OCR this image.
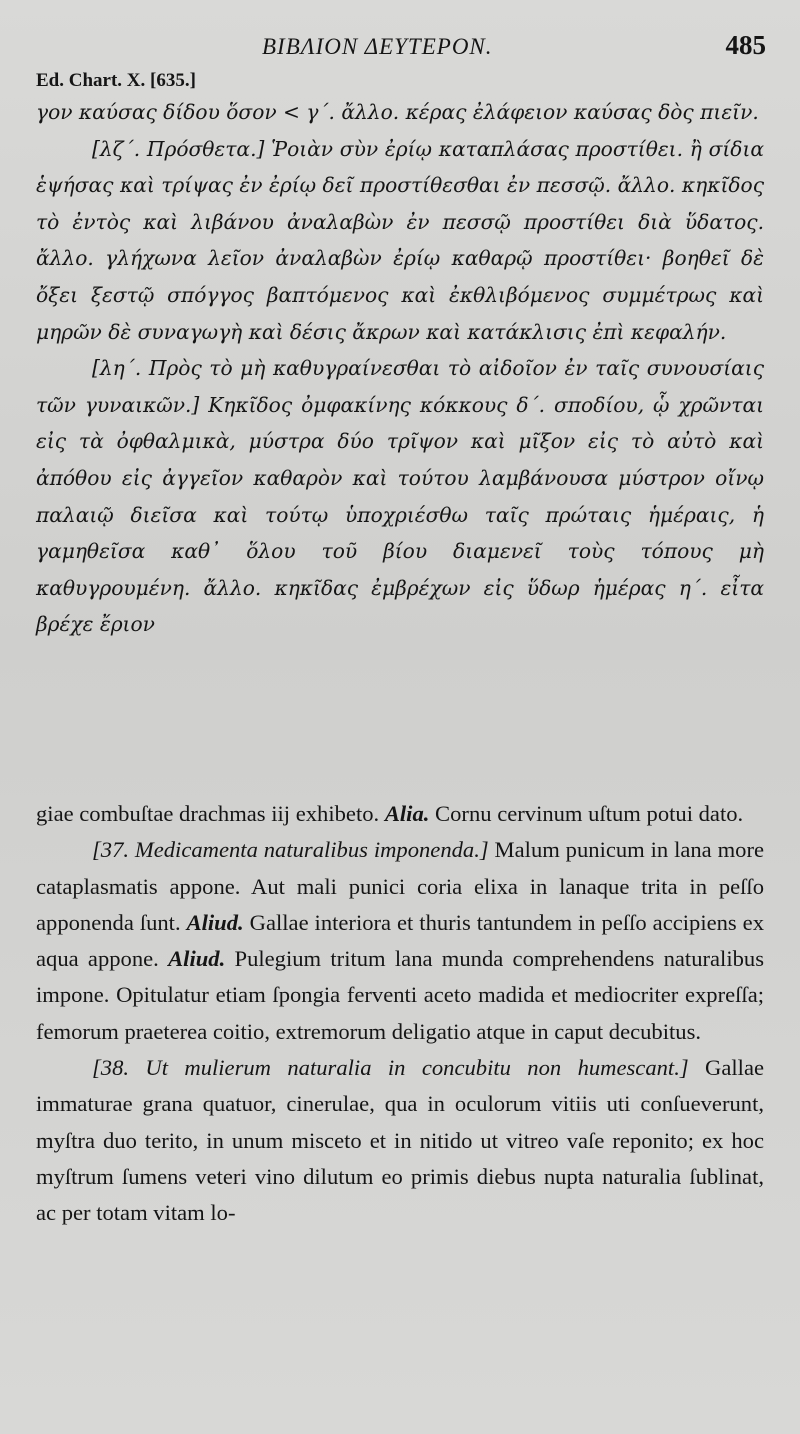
ΒΙΒΛΙΟΝ ΔΕΥΤΕΡΟΝ.	485
Ed. Chart. X. [635.]

γον καύσας δίδου ὅσον < γ΄. ἄλλο. κέρας ἐλάφειον καύσας δὸς πιεῖν.

[λζ΄. Πρόσθετα.] Ῥοιὰν σὺν ἐρίῳ καταπλάσας προστίθει. ἢ σίδια ἑψήσας καὶ τρίψας ἐν ἐρίῳ δεῖ προστίθεσθαι ἐν πεσσῷ. ἄλλο. κηκῖδος τὸ ἐντὸς καὶ λιβάνου ἀναλαβὼν ἐν πεσσῷ προστίθει διὰ ὕδατος. ἄλλο. γλήχωνα λεῖον ἀναλαβὼν ἐρίῳ καθαρῷ προστίθει· βοηθεῖ δὲ ὄξει ξεστῷ σπόγγος βαπτόμενος καὶ ἐκθλιβόμενος συμμέτρως καὶ μηρῶν δὲ συναγωγὴ καὶ δέσις ἄκρων καὶ κατάκλισις ἐπὶ κεφαλήν.

[λη΄. Πρὸς τὸ μὴ καθυγραίνεσθαι τὸ αἰδοῖον ἐν ταῖς συνουσίαις τῶν γυναικῶν.] Κηκῖδος ὀμφακίνης κόκκους δ΄. σποδίου, ᾧ χρῶνται εἰς τὰ ὀφθαλμικὰ, μύστρα δύο τρῖψον καὶ μῖξον εἰς τὸ αὐτὸ καὶ ἀπόθου εἰς ἀγγεῖον καθαρὸν καὶ τούτου λαμβάνουσα μύστρον οἴνῳ παλαιῷ διεῖσα καὶ τούτῳ ὑποχριέσθω ταῖς πρώταις ἡμέραις, ἡ γαμηθεῖσα καθ᾽ ὅλου τοῦ βίου διαμενεῖ τοὺς τόπους μὴ καθυγρουμένη. ἄλλο. κηκῖδας ἐμβρέχων εἰς ὕδωρ ἡμέρας η΄. εἶτα βρέχε ἔριον

giae combuſtae drachmas iij exhibeto. Alia. Cornu cervinum uſtum potui dato.

[37. Medicamenta naturalibus imponenda.] Malum punicum in lana more cataplasmatis appone. Aut mali punici coria elixa in lanaque trita in peſſo apponenda ſunt. Aliud. Gallae interiora et thuris tantundem in peſſo accipiens ex aqua appone. Aliud. Pulegium tritum lana munda comprehendens naturalibus impone. Opitulatur etiam ſpongia ferventi aceto madida et mediocriter expreſſa; femorum praeterea coitio, extremorum deligatio atque in caput decubitus.

[38. Ut mulierum naturalia in concubitu non humescant.] Gallae immaturae grana quatuor, cinerulae, qua in oculorum vitiis uti conſueverunt, myſtra duo terito, in unum misceto et in nitido ut vitreo vaſe reponito; ex hoc myſtrum ſumens veteri vino dilutum eo primis diebus nupta naturalia ſublinat, ac per totam vitam lo-
